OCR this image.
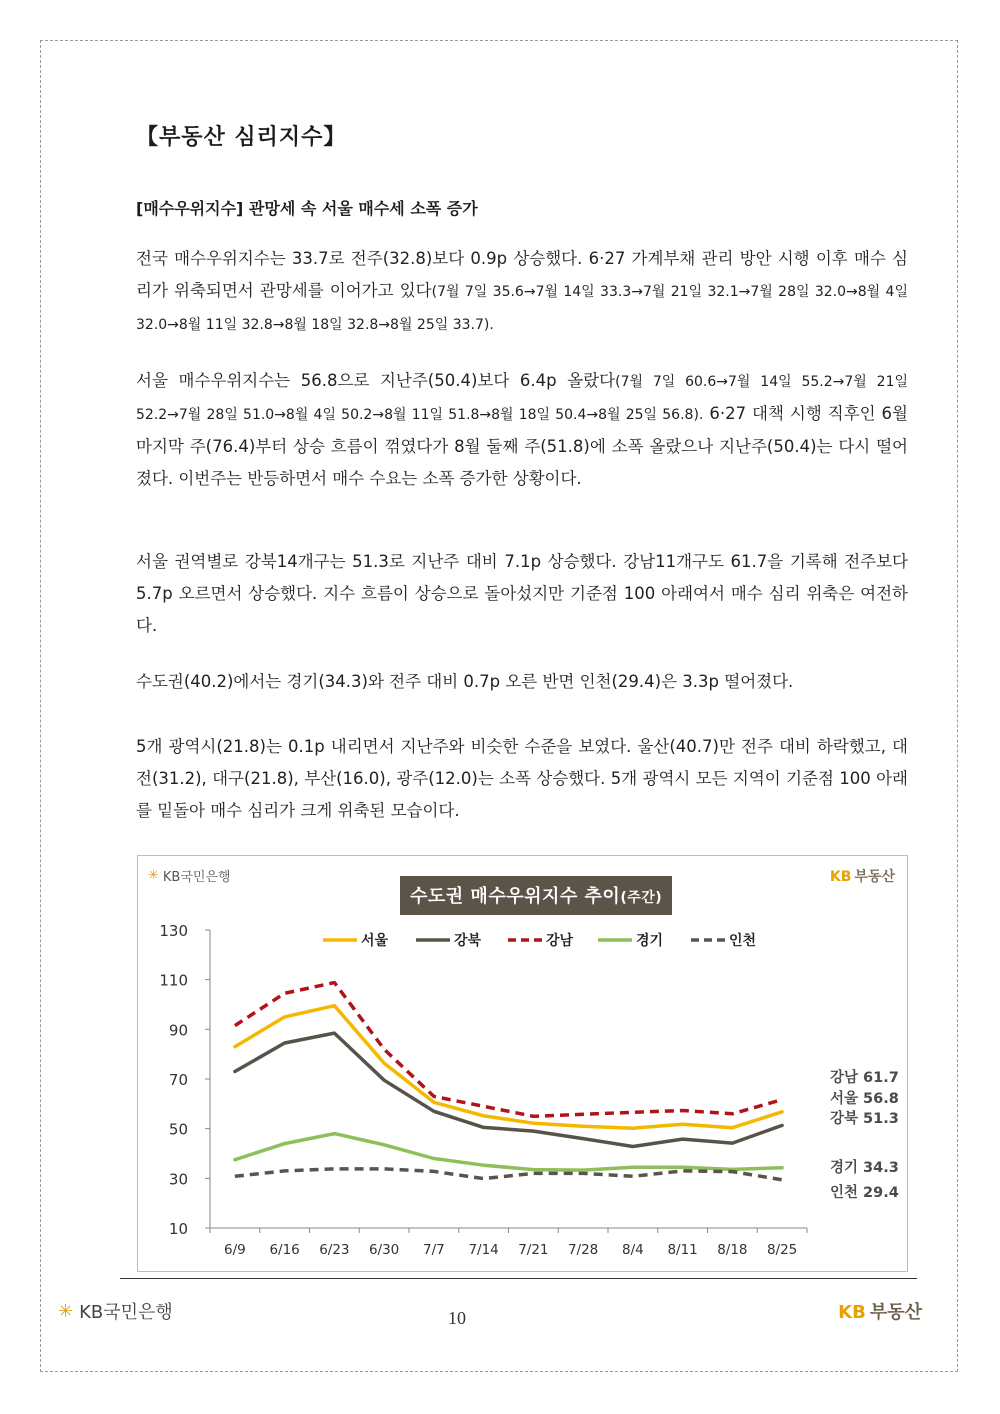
【부동산 심리지수】
[매수우위지수] 관망세 속 서울 매수세 소폭 증가

전국 매수우위지수는 33.7로 전주(32.8)보다 0.9p 상승했다. 6·27 가계부채 관리 방안 시행 이후 매수 심리가 위축되면서 관망세를 이어가고 있다(7월 7일 35.6→7월 14일 33.3→7월 21일 32.1→7월 28일 32.0→8월 4일 32.0→8월 11일 32.8→8월 18일 32.8→8월 25일 33.7).

서울 매수우위지수는 56.8으로 지난주(50.4)보다 6.4p 올랐다(7월 7일 60.6→7월 14일 55.2→7월 21일 52.2→7월 28일 51.0→8월 4일 50.2→8월 11일 51.8→8월 18일 50.4→8월 25일 56.8). 6·27 대책 시행 직후인 6월 마지막 주(76.4)부터 상승 흐름이 꺾였다가 8월 둘째 주(51.8)에 소폭 올랐으나 지난주(50.4)는 다시 떨어졌다. 이번주는 반등하면서 매수 수요는 소폭 증가한 상황이다.

서울 권역별로 강북14개구는 51.3로 지난주 대비 7.1p 상승했다. 강남11개구도 61.7을 기록해 전주보다 5.7p 오르면서 상승했다. 지수 흐름이 상승으로 돌아섰지만 기준점 100 아래여서 매수 심리 위축은 여전하다.

수도권(40.2)에서는 경기(34.3)와 전주 대비 0.7p 오른 반면 인천(29.4)은 3.3p 떨어졌다.

5개 광역시(21.8)는 0.1p 내리면서 지난주와 비슷한 수준을 보였다. 울산(40.7)만 전주 대비 하락했고, 대전(31.2), 대구(21.8), 부산(16.0), 광주(12.0)는 소폭 상승했다. 5개 광역시 모든 지역이 기준점 100 아래를 밑돌아 매수 심리가 크게 위축된 모습이다.

10
30
50
70
90
110
130
6/9 6/16 6/23 6/30 7/7 7/14 7/21 7/28 8/4 8/11 8/18 8/25
서울	강북	강남	경기	인천
서울 56.8
강북 51.3
강남 61.7
경기 34.3
인천 29.4
✳ KB국민은행	KB 부동산
수도권 매수우위지수 추이(주간)
✳ KB국민은행	10	KB 부동산
